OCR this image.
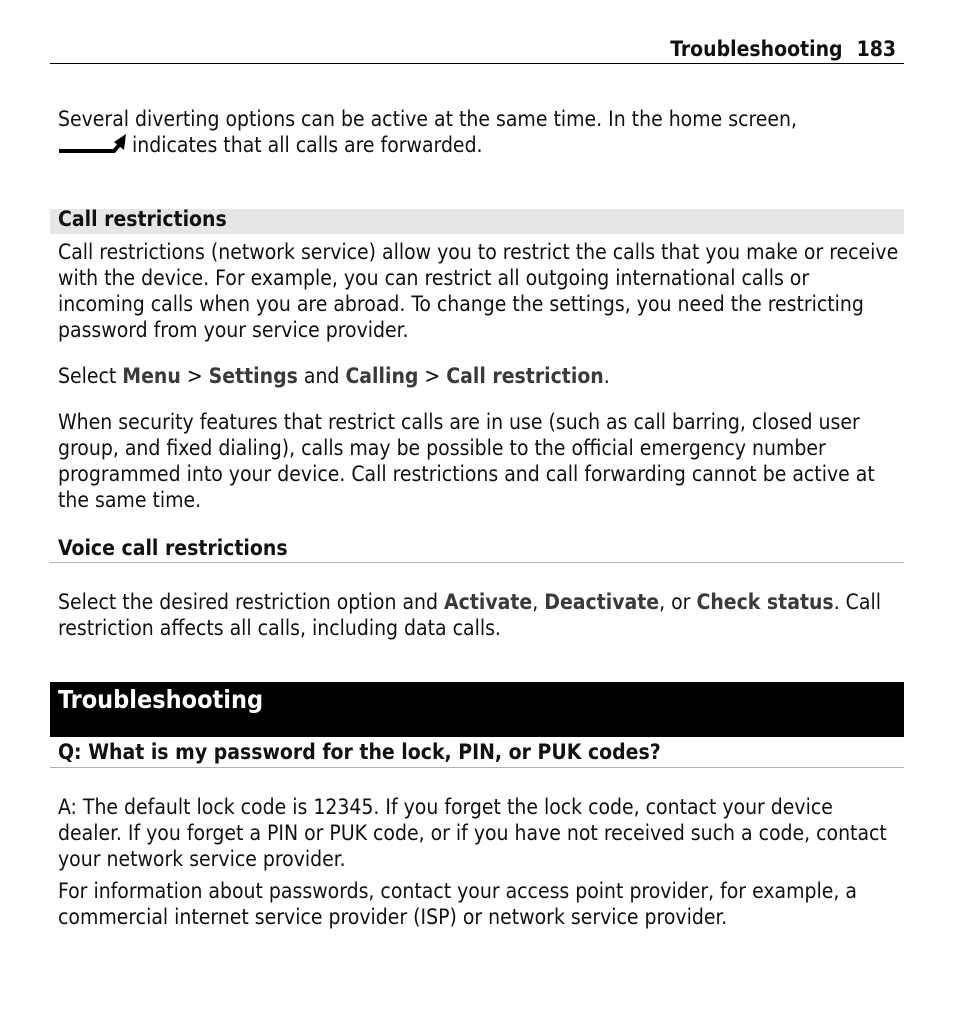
Troubleshooting 183

Several diverting options can be active at the same time. In the home screen,
indicates that all calls are forwarded.

Call restrictions

Call restrictions (network service) allow you to restrict the calls that you make or receive with the device. For example, you can restrict all outgoing international calls or incoming calls when you are abroad. To change the settings, you need the restricting password from your service provider.

Select Menu > Settings and Calling > Call restriction.

When security features that restrict calls are in use (such as call barring, closed user group, and fixed dialing), calls may be possible to the official emergency number programmed into your device. Call restrictions and call forwarding cannot be active at the same time.

Voice call restrictions

Select the desired restriction option and Activate, Deactivate, or Check status. Call restriction affects all calls, including data calls.

Troubleshooting
Q: What is my password for the lock, PIN, or PUK codes?

A: The default lock code is 12345. If you forget the lock code, contact your device dealer. If you forget a PIN or PUK code, or if you have not received such a code, contact your network service provider.

For information about passwords, contact your access point provider, for example, a commercial internet service provider (ISP) or network service provider.
